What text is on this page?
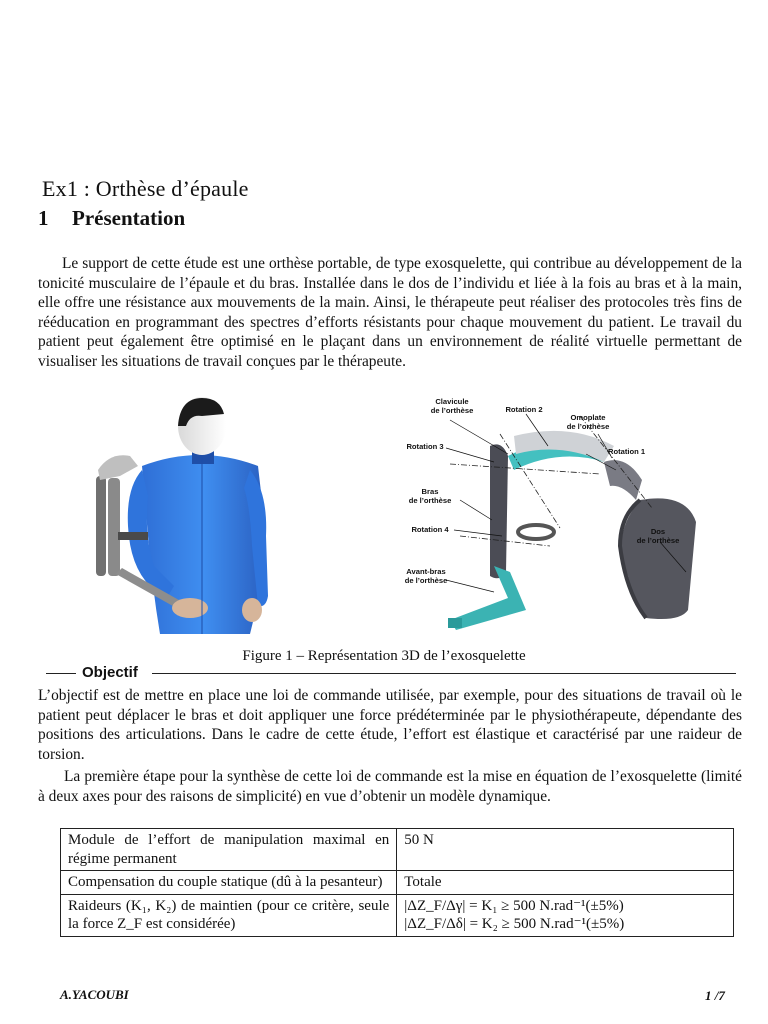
Ex1 : Orthèse d’épaule
1 Présentation

Le support de cette étude est une orthèse portable, de type exosquelette, qui contribue au développement de la tonicité musculaire de l’épaule et du bras. Installée dans le dos de l’individu et liée à la fois au bras et à la main, elle offre une résistance aux mouvements de la main. Ainsi, le thérapeute peut réaliser des protocoles très fins de rééducation en programmant des spectres d’efforts résistants pour chaque mouvement du patient. Le travail du patient peut également être optimisé en le plaçant dans un environnement de réalité virtuelle permettant de visualiser les situations de travail conçues par le thérapeute.

Clavicule de l’orthèse	Rotation 2
Omoplate de l’orthèse
Rotation 3
Rotation 1
Bras de l’orthèse
Rotation 4	Dos de l’orthèse
Avant-bras de l’orthèse
Figure 1 – Représentation 3D de l’exosquelette
Objectif

L’objectif est de mettre en place une loi de commande utilisée, par exemple, pour des situations de travail où le patient peut déplacer le bras et doit appliquer une force prédéterminée par le physiothérapeute, dépendante des positions des articulations. Dans le cadre de cette étude, l’effort est élastique et caractérisé par une raideur de torsion.

La première étape pour la synthèse de cette loi de commande est la mise en équation de l’exosquelette (limité à deux axes pour des raisons de simplicité) en vue d’obtenir un modèle dynamique.

Module de l’effort de manipulation maximal en régime permanent	50 N
Compensation du couple statique (dû à la pesanteur)	Totale
Raideurs (K₁, K₂) de maintien (pour ce critère, seule la force Z_F est considérée)	|ΔZ_F/Δγ| = K₁ ≥ 500 N.rad⁻¹(±5%)
|ΔZ_F/Δδ| = K₂ ≥ 500 N.rad⁻¹(±5%)
A.YACOUBI	1 /7
